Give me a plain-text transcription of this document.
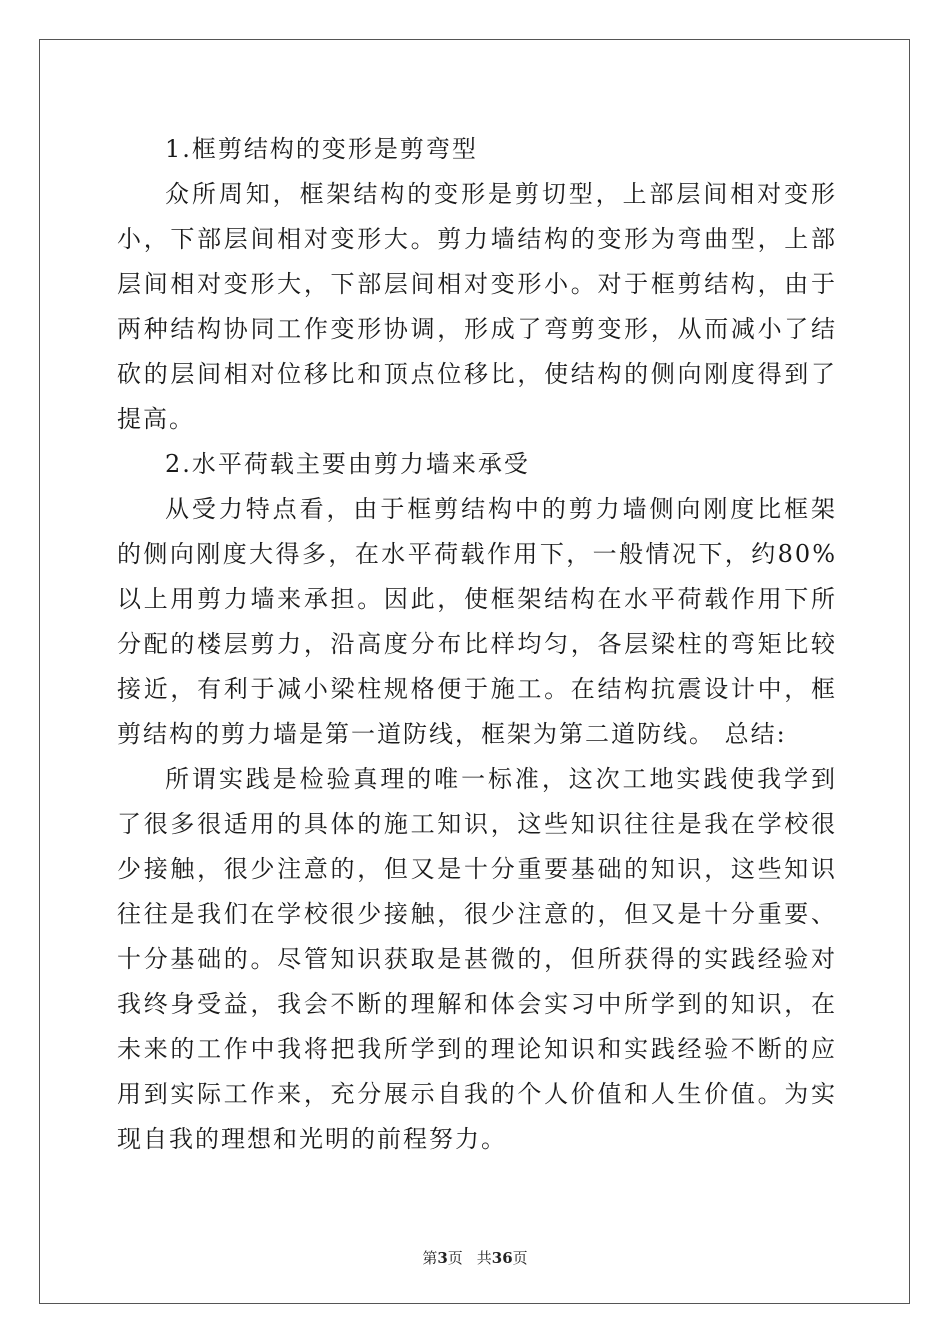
1.框剪结构的变形是剪弯型

众所周知，框架结构的变形是剪切型，上部层间相对变形小，下部层间相对变形大。剪力墙结构的变形为弯曲型，上部层间相对变形大，下部层间相对变形小。对于框剪结构，由于两种结构协同工作变形协调，形成了弯剪变形，从而减小了结砍的层间相对位移比和顶点位移比，使结构的侧向刚度得到了提高。

2.水平荷载主要由剪力墙来承受

从受力特点看，由于框剪结构中的剪力墙侧向刚度比框架的侧向刚度大得多，在水平荷载作用下，一般情况下，约80%以上用剪力墙来承担。因此，使框架结构在水平荷载作用下所分配的楼层剪力，沿高度分布比样均匀，各层梁柱的弯矩比较接近，有利于减小梁柱规格便于施工。在结构抗震设计中，框剪结构的剪力墙是第一道防线，框架为第二道防线。 总结:

所谓实践是检验真理的唯一标准，这次工地实践使我学到了很多很适用的具体的施工知识，这些知识往往是我在学校很少接触，很少注意的，但又是十分重要基础的知识，这些知识往往是我们在学校很少接触，很少注意的，但又是十分重要、十分基础的。尽管知识获取是甚微的，但所获得的实践经验对我终身受益，我会不断的理解和体会实习中所学到的知识，在未来的工作中我将把我所学到的理论知识和实践经验不断的应用到实际工作来，充分展示自我的个人价值和人生价值。为实现自我的理想和光明的前程努力。

第3页 共36页
